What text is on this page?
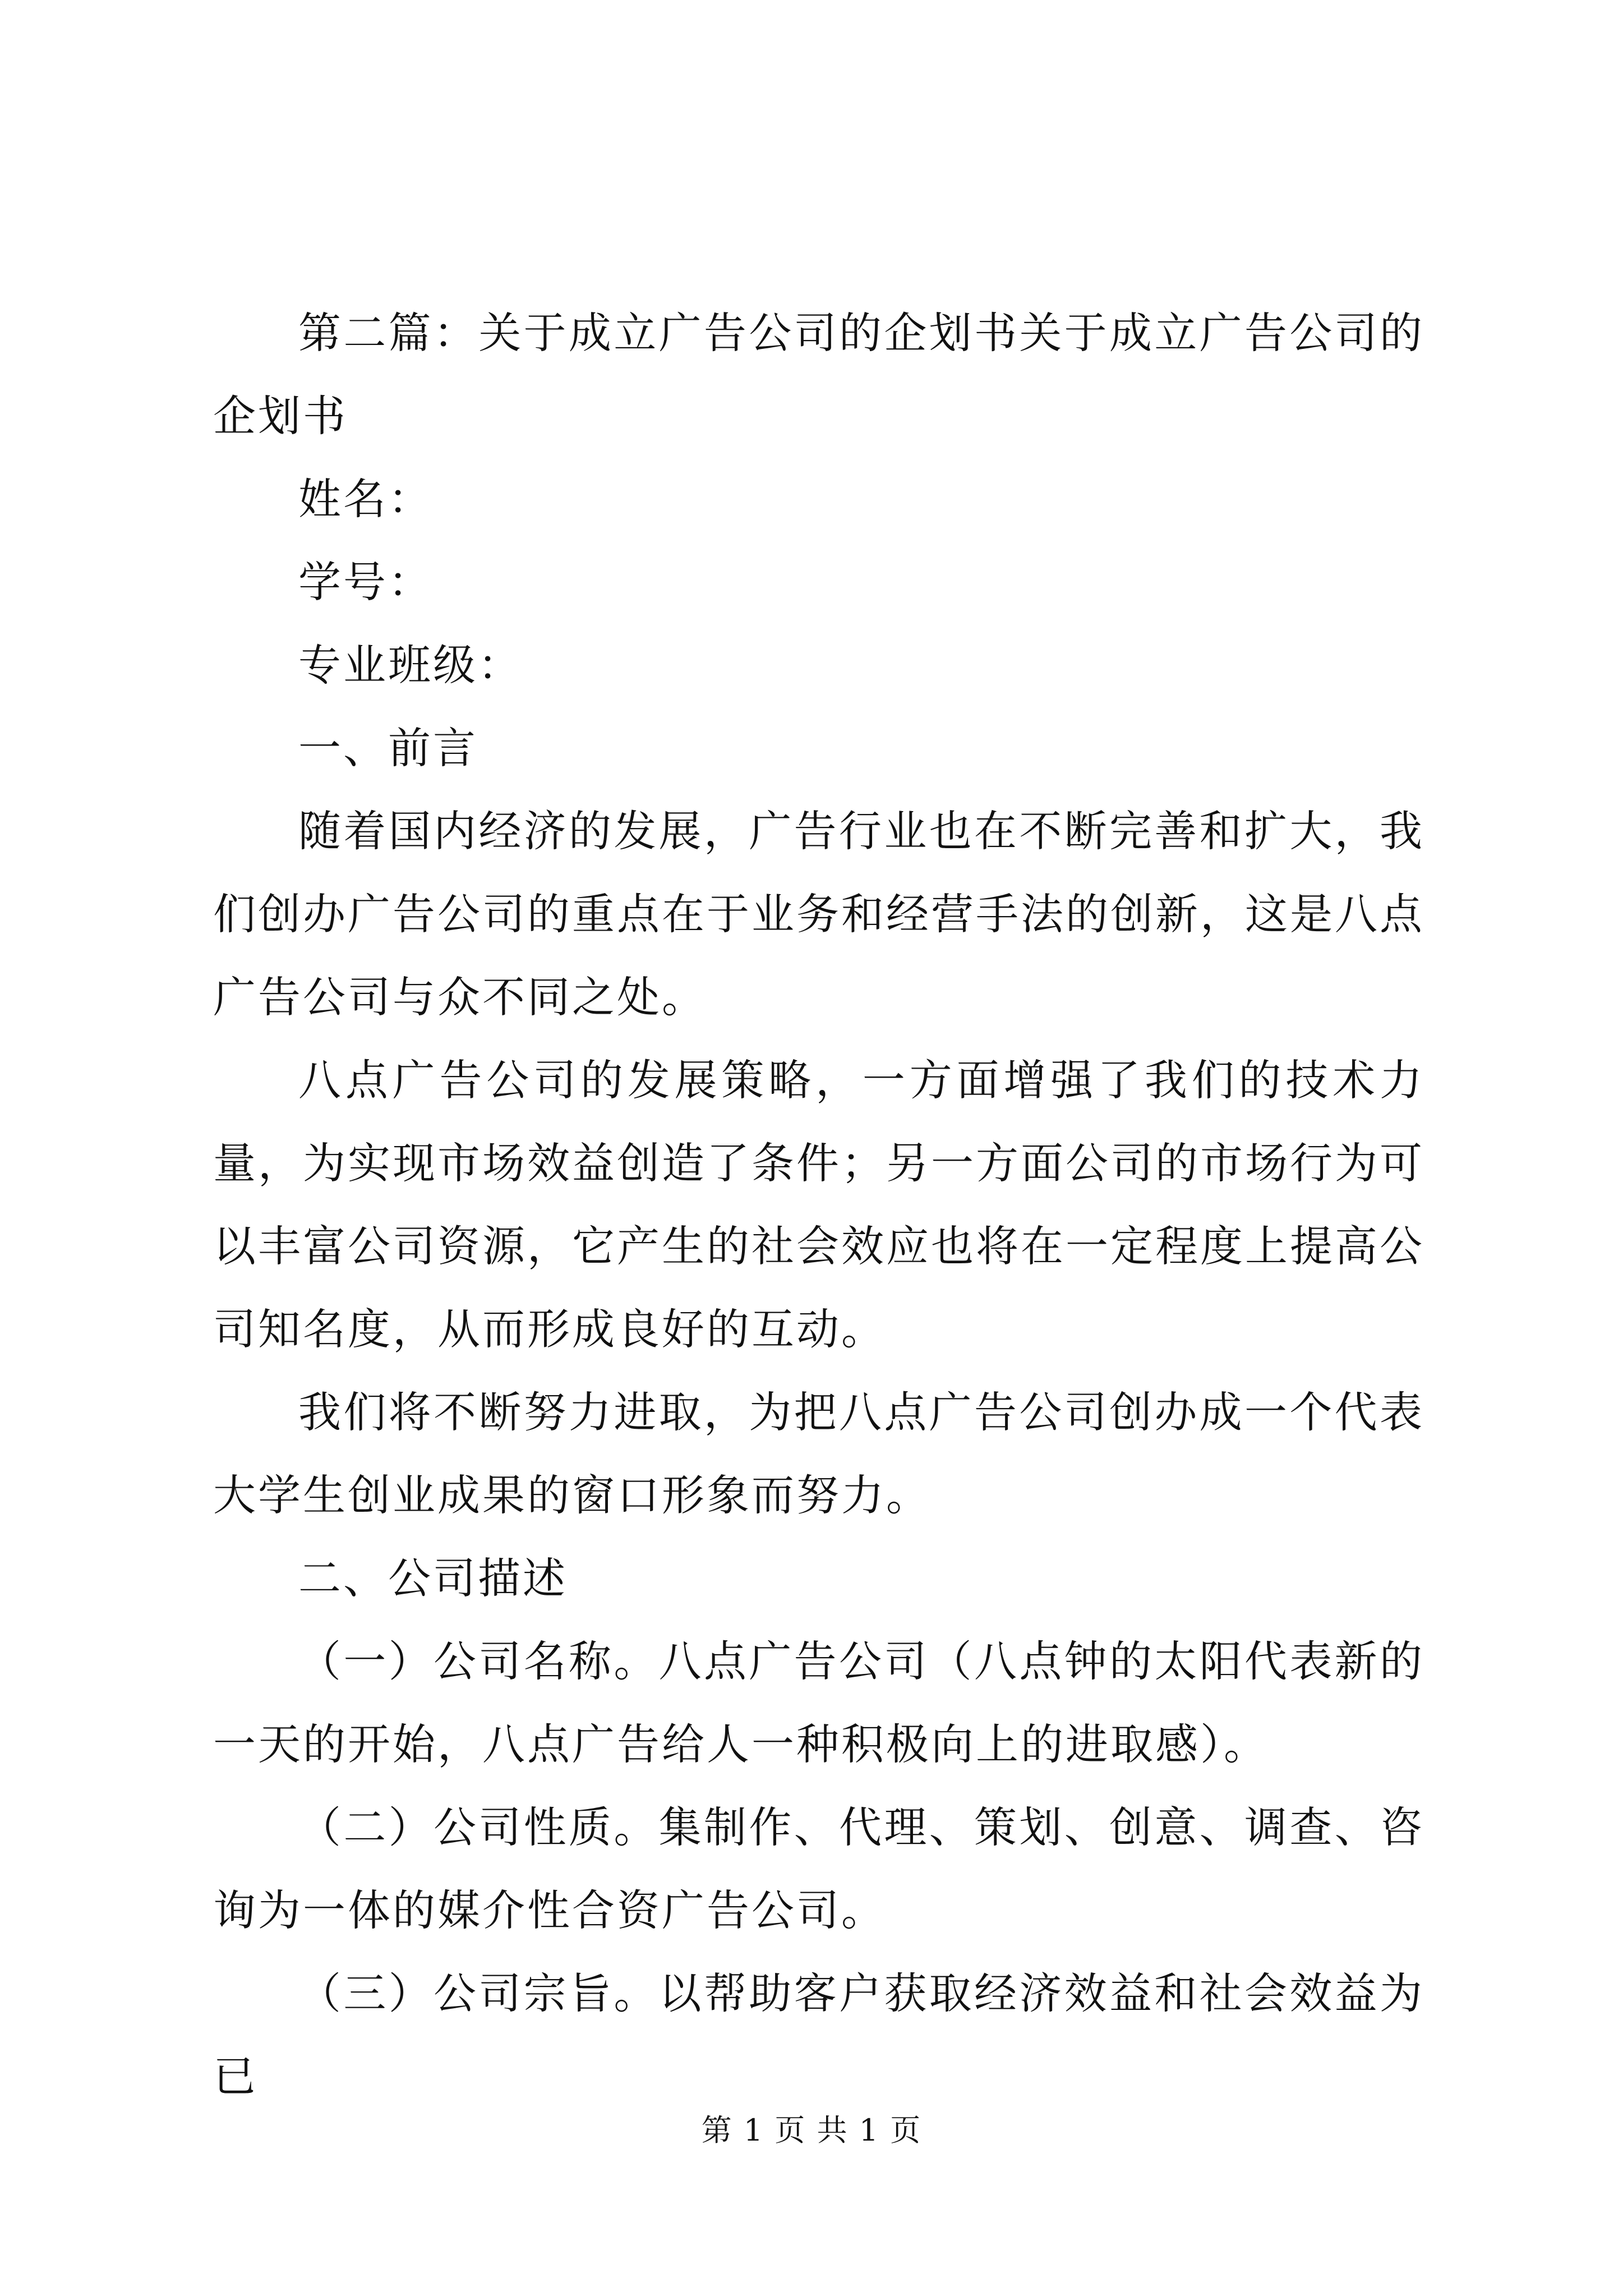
第二篇：关于成立广告公司的企划书关于成立广告公司的企划书

姓名：

学号：

专业班级：

一、前言

随着国内经济的发展，广告行业也在不断完善和扩大，我们创办广告公司的重点在于业务和经营手法的创新，这是八点广告公司与众不同之处。

八点广告公司的发展策略，一方面增强了我们的技术力量，为实现市场效益创造了条件；另一方面公司的市场行为可以丰富公司资源，它产生的社会效应也将在一定程度上提高公司知名度，从而形成良好的互动。

我们将不断努力进取，为把八点广告公司创办成一个代表大学生创业成果的窗口形象而努力。

二、公司描述

（一）公司名称。八点广告公司（八点钟的太阳代表新的一天的开始，八点广告给人一种积极向上的进取感）。

（二）公司性质。集制作、代理、策划、创意、调查、咨询为一体的媒介性合资广告公司。

（三）公司宗旨。以帮助客户获取经济效益和社会效益为已

第 1 页 共 1 页
